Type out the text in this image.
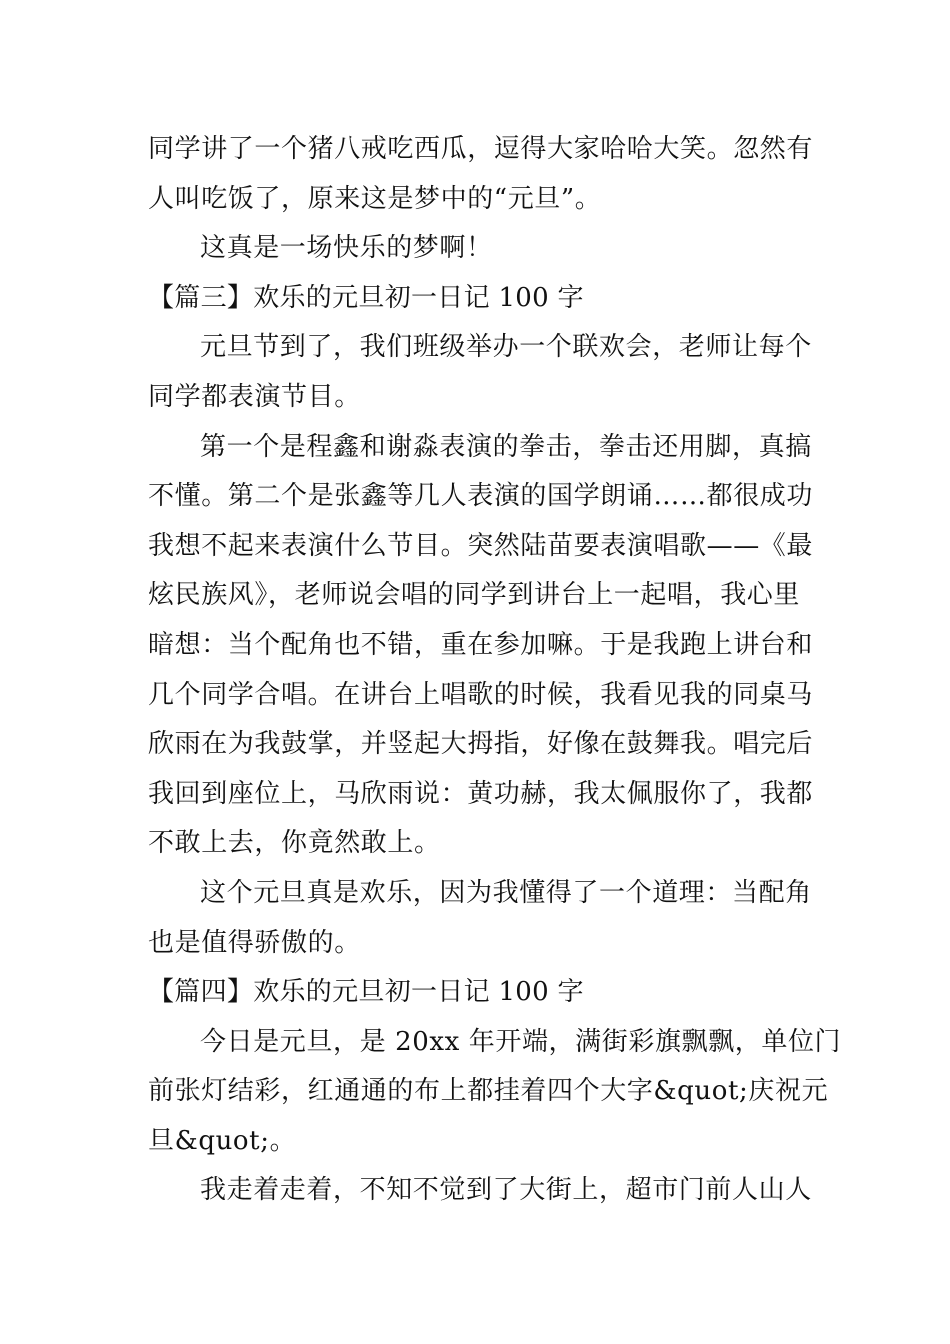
同学讲了一个猪八戒吃西瓜，逗得大家哈哈大笑。忽然有
人叫吃饭了，原来这是梦中的“元旦”。
这真是一场快乐的梦啊！
【篇三】欢乐的元旦初一日记 100 字
元旦节到了，我们班级举办一个联欢会，老师让每个
同学都表演节目。
第一个是程鑫和谢淼表演的拳击，拳击还用脚，真搞
不懂。第二个是张鑫等几人表演的国学朗诵……都很成功
我想不起来表演什么节目。突然陆苗要表演唱歌——《最
炫民族风》，老师说会唱的同学到讲台上一起唱，我心里
暗想：当个配角也不错，重在参加嘛。于是我跑上讲台和
几个同学合唱。在讲台上唱歌的时候，我看见我的同桌马
欣雨在为我鼓掌，并竖起大拇指，好像在鼓舞我。唱完后
我回到座位上，马欣雨说：黄功赫，我太佩服你了，我都
不敢上去，你竟然敢上。
这个元旦真是欢乐，因为我懂得了一个道理：当配角
也是值得骄傲的。
【篇四】欢乐的元旦初一日记 100 字
今日是元旦，是 20xx 年开端，满街彩旗飘飘，单位门
前张灯结彩，红通通的布上都挂着四个大字&quot;庆祝元
旦&quot;。
我走着走着，不知不觉到了大街上，超市门前人山人
